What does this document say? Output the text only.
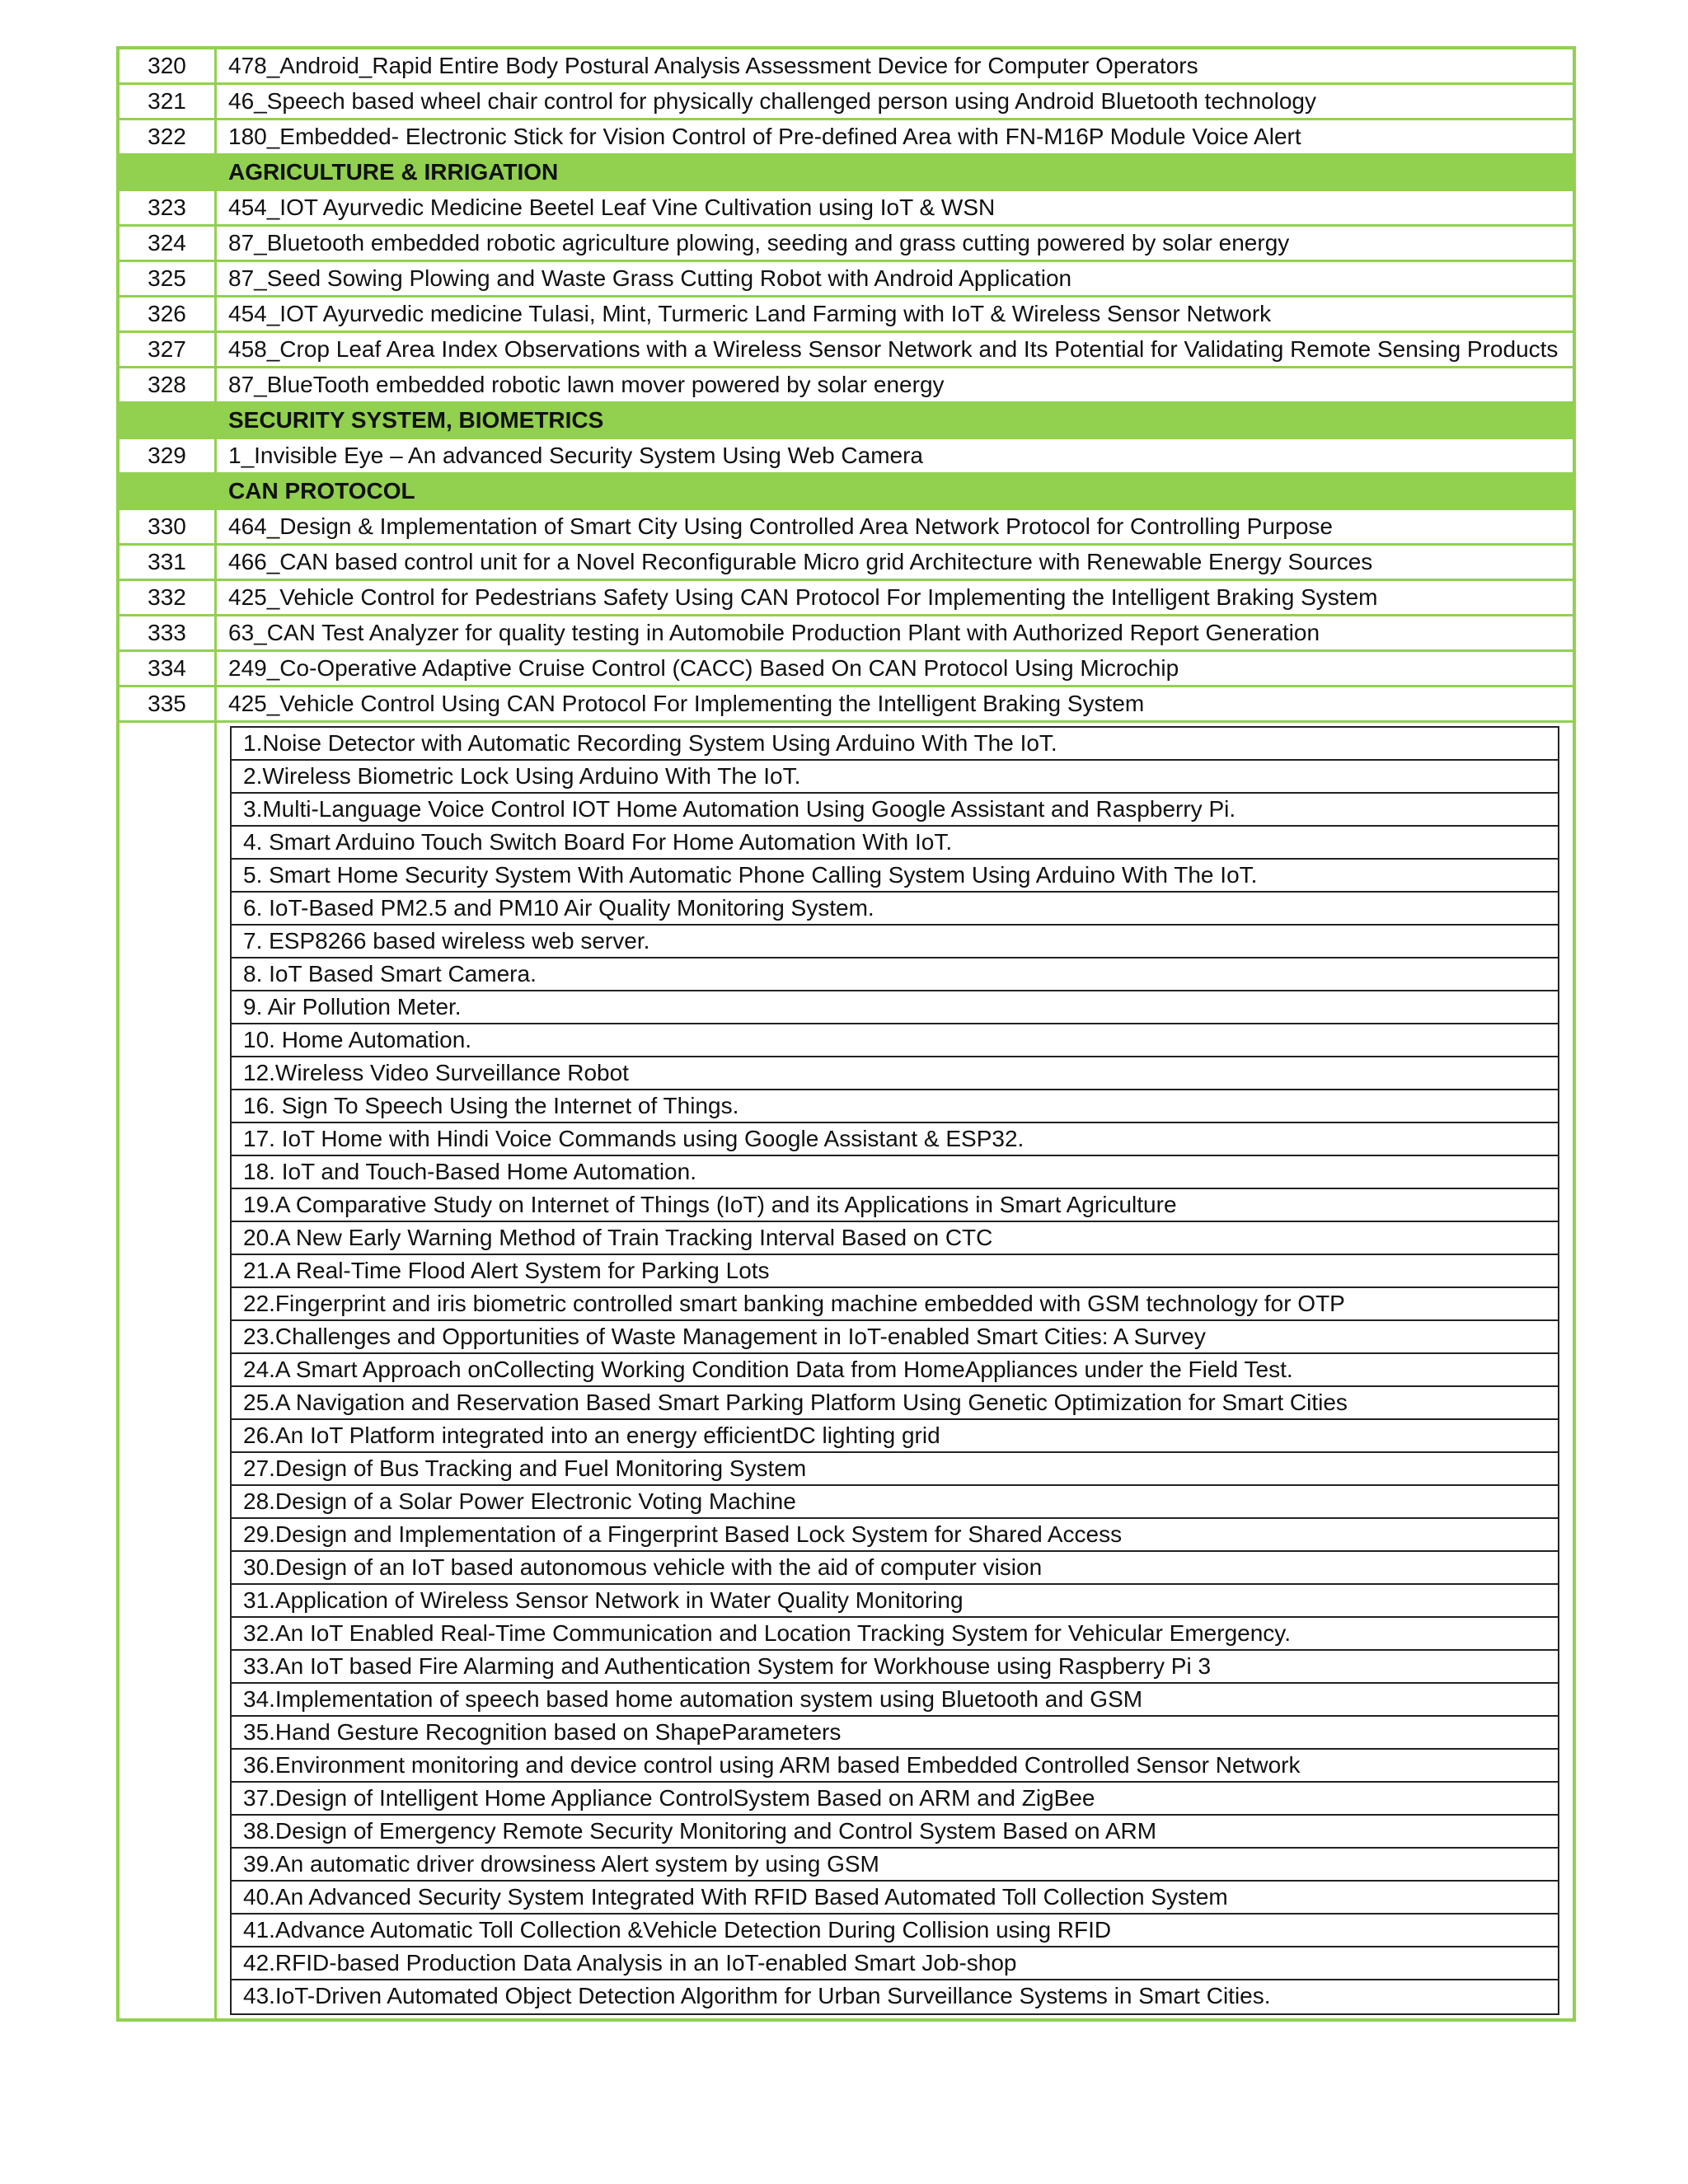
320	478_Android_Rapid Entire Body Postural Analysis Assessment Device for Computer Operators
321	46_Speech based wheel chair control for physically challenged person using Android Bluetooth technology
322	180_Embedded- Electronic Stick for Vision Control of Pre-defined Area with FN-M16P Module Voice Alert
AGRICULTURE & IRRIGATION
323	454_IOT Ayurvedic Medicine Beetel Leaf Vine Cultivation using IoT & WSN
324	87_Bluetooth embedded robotic agriculture plowing, seeding and grass cutting powered by solar energy
325	87_Seed Sowing Plowing and Waste Grass Cutting Robot with Android Application
326	454_IOT Ayurvedic medicine Tulasi, Mint, Turmeric Land Farming with IoT & Wireless Sensor Network
327	458_Crop Leaf Area Index Observations with a Wireless Sensor Network and Its Potential for Validating Remote Sensing Products
328	87_BlueTooth embedded robotic lawn mover powered by solar energy
SECURITY SYSTEM, BIOMETRICS
329	1_Invisible Eye – An advanced Security System Using Web Camera
CAN PROTOCOL
330	464_Design & Implementation of Smart City Using Controlled Area Network Protocol for Controlling Purpose
331	466_CAN based control unit for a Novel Reconfigurable Micro grid Architecture with Renewable Energy Sources
332	425_Vehicle Control for Pedestrians Safety Using CAN Protocol For Implementing the Intelligent Braking System
333	63_CAN Test Analyzer for quality testing in Automobile Production Plant with Authorized Report Generation
334	249_Co-Operative Adaptive Cruise Control (CACC) Based On CAN Protocol Using Microchip
335	425_Vehicle Control Using CAN Protocol For Implementing the Intelligent Braking System
1.Noise Detector with Automatic Recording System Using Arduino With The IoT.
2.Wireless Biometric Lock Using Arduino With The IoT.
3.Multi-Language Voice Control IOT Home Automation Using Google Assistant and Raspberry Pi.
4. Smart Arduino Touch Switch Board For Home Automation With IoT.
5. Smart Home Security System With Automatic Phone Calling System Using Arduino With The IoT.
6. IoT-Based PM2.5 and PM10 Air Quality Monitoring System.
7. ESP8266 based wireless web server.
8. IoT Based Smart Camera.
9. Air Pollution Meter.
10. Home Automation.
12.Wireless Video Surveillance Robot
16. Sign To Speech Using the Internet of Things.
17. IoT Home with Hindi Voice Commands using Google Assistant & ESP32.
18. IoT and Touch-Based Home Automation.
19.A Comparative Study on Internet of Things (IoT) and its Applications in Smart Agriculture
20.A New Early Warning Method of Train Tracking Interval Based on CTC
21.A Real-Time Flood Alert System for Parking Lots
22.Fingerprint and iris biometric controlled smart banking machine embedded with GSM technology for OTP
23.Challenges and Opportunities of Waste Management in IoT-enabled Smart Cities: A Survey
24.A Smart Approach onCollecting Working Condition Data from HomeAppliances under the Field Test.
25.A Navigation and Reservation Based Smart Parking Platform Using Genetic Optimization for Smart Cities
26.An IoT Platform integrated into an energy efficientDC lighting grid
27.Design of Bus Tracking and Fuel Monitoring System
28.Design of a Solar Power Electronic Voting Machine
29.Design and Implementation of a Fingerprint Based Lock System for Shared Access
30.Design of an IoT based autonomous vehicle with the aid of computer vision
31.Application of Wireless Sensor Network in Water Quality Monitoring
32.An IoT Enabled Real-Time Communication and Location Tracking System for Vehicular Emergency.
33.An IoT based Fire Alarming and Authentication System for Workhouse using Raspberry Pi 3
34.Implementation of speech based home automation system using Bluetooth and GSM
35.Hand Gesture Recognition based on ShapeParameters
36.Environment monitoring and device control using ARM based Embedded Controlled Sensor Network
37.Design of Intelligent Home Appliance ControlSystem Based on ARM and ZigBee
38.Design of Emergency Remote Security Monitoring and Control System Based on ARM
39.An automatic driver drowsiness Alert system by using GSM
40.An Advanced Security System Integrated With RFID Based Automated Toll Collection System
41.Advance Automatic Toll Collection &Vehicle Detection During Collision using RFID
42.RFID-based Production Data Analysis in an IoT-enabled Smart Job-shop
43.IoT-Driven Automated Object Detection Algorithm for Urban Surveillance Systems in Smart Cities.
